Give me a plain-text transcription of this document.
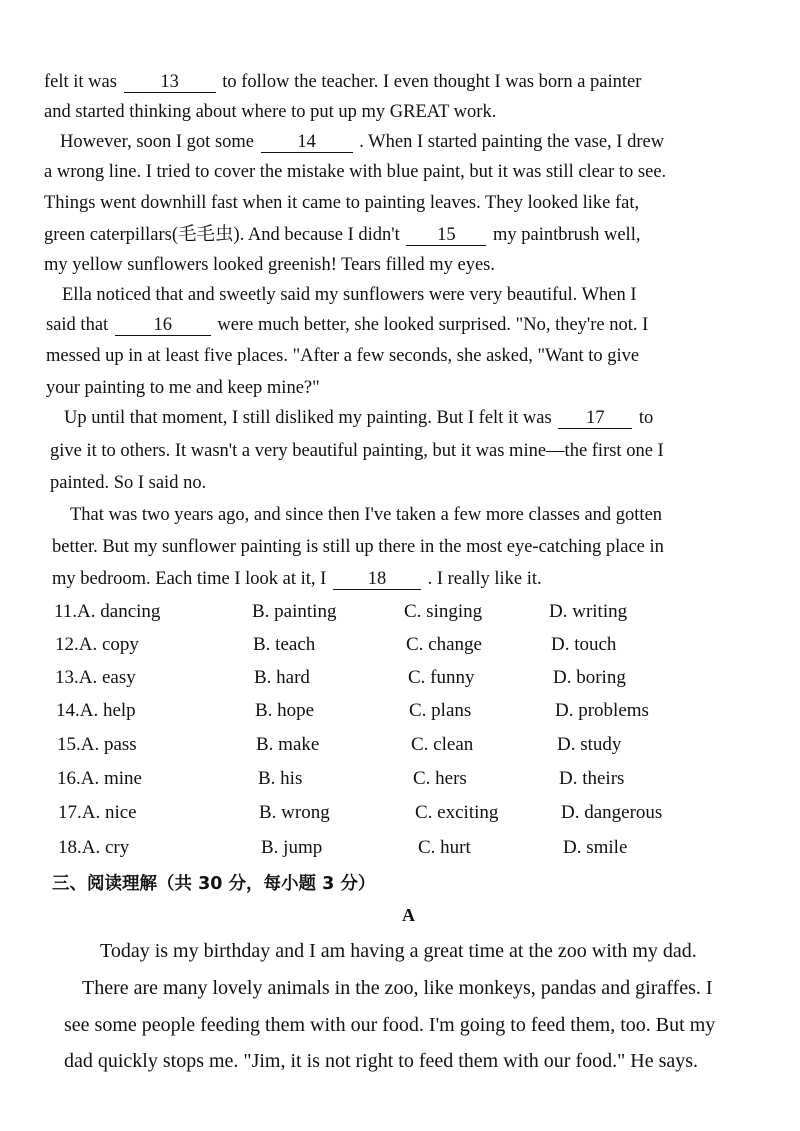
felt it was 13 to follow the teacher. I even thought I was born a painter
and started thinking about where to put up my GREAT work.
However, soon I got some 14 . When I started painting the vase, I drew
a wrong line. I tried to cover the mistake with blue paint, but it was still clear to see.
Things went downhill fast when it came to painting leaves. They looked like fat,
green caterpillars(毛毛虫). And because I didn't 15 my paintbrush well,
my yellow sunflowers looked greenish! Tears filled my eyes.
Ella noticed that and sweetly said my sunflowers were very beautiful. When I
said that 16 were much better, she looked surprised. "No, they're not. I
messed up in at least five places. "After a few seconds, she asked, "Want to give
your painting to me and keep mine?"
Up until that moment, I still disliked my painting. But I felt it was 17 to
give it to others. It wasn't a very beautiful painting, but it was mine—the first one I
painted. So I said no.
That was two years ago, and since then I've taken a few more classes and gotten
better. But my sunflower painting is still up there in the most eye-catching place in
my bedroom. Each time I look at it, I 18 . I really like it.
11.A. dancing	B. painting	C. singing	D. writing
12.A. copy	B. teach	C. change	D. touch
13.A. easy	B. hard	C. funny	D. boring
14.A. help	B. hope	C. plans	D. problems
15.A. pass	B. make	C. clean	D. study
16.A. mine	B. his	C. hers	D. theirs
17.A. nice	B. wrong	C. exciting	D. dangerous
18.A. cry	B. jump	C. hurt	D. smile
三、阅读理解（共 30 分，每小题 3 分）
A
Today is my birthday and I am having a great time at the zoo with my dad.
There are many lovely animals in the zoo, like monkeys, pandas and giraffes. I
see some people feeding them with our food. I'm going to feed them, too. But my
dad quickly stops me. "Jim, it is not right to feed them with our food." He says.
